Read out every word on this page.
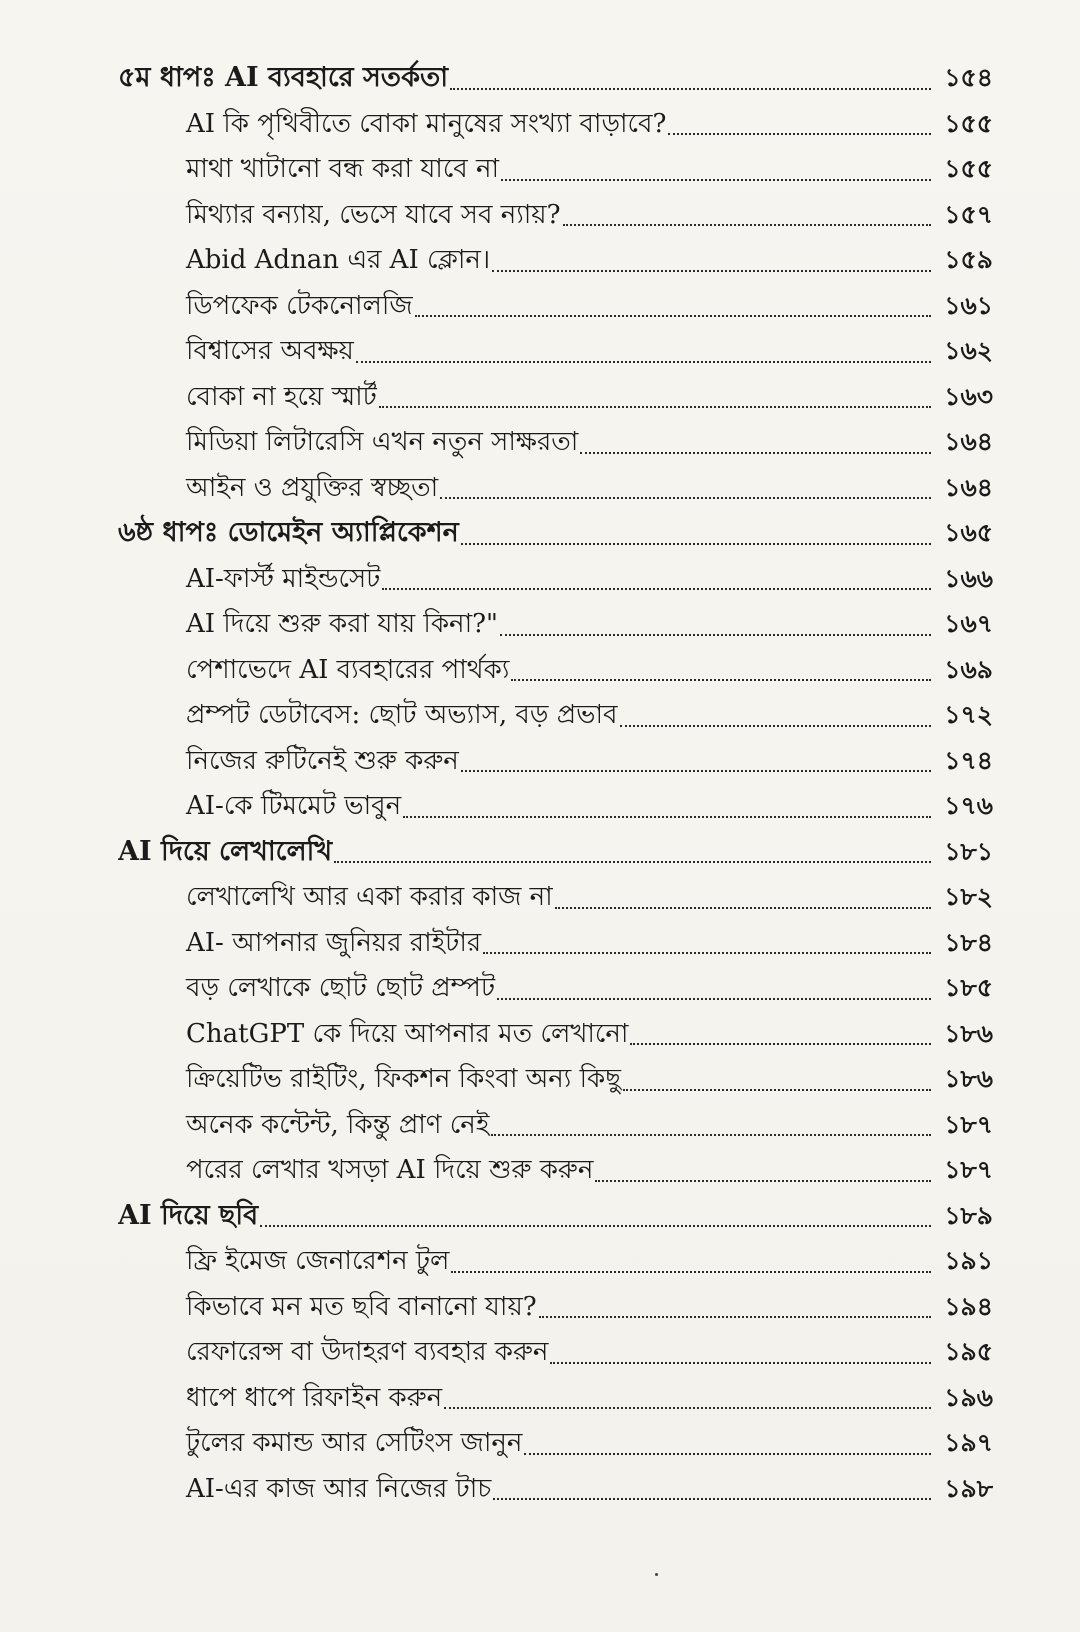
৫ম ধাপঃ AI ব্যবহারে সতর্কতা	১৫৪
AI কি পৃথিবীতে বোকা মানুষের সংখ্যা বাড়াবে?	১৫৫
মাথা খাটানো বন্ধ করা যাবে না	১৫৫
মিথ্যার বন্যায়, ভেসে যাবে সব ন্যায়?	১৫৭
Abid Adnan এর AI ক্লোন।	১৫৯
ডিপফেক টেকনোলজি	১৬১
বিশ্বাসের অবক্ষয়	১৬২
বোকা না হয়ে স্মার্ট	১৬৩
মিডিয়া লিটারেসি এখন নতুন সাক্ষরতা	১৬৪
আইন ও প্রযুক্তির স্বচ্ছতা	১৬৪
৬ষ্ঠ ধাপঃ ডোমেইন অ্যাপ্লিকেশন	১৬৫
AI-ফার্স্ট মাইন্ডসেট	১৬৬
AI দিয়ে শুরু করা যায় কিনা?"	১৬৭
পেশাভেদে AI ব্যবহারের পার্থক্য	১৬৯
প্রম্পট ডেটাবেস: ছোট অভ্যাস, বড় প্রভাব	১৭২
নিজের রুটিনেই শুরু করুন	১৭৪
AI-কে টিমমেট ভাবুন	১৭৬
AI দিয়ে লেখালেখি	১৮১
লেখালেখি আর একা করার কাজ না	১৮২
AI- আপনার জুনিয়র রাইটার	১৮৪
বড় লেখাকে ছোট ছোট প্রম্পট	১৮৫
ChatGPT কে দিয়ে আপনার মত লেখানো	১৮৬
ক্রিয়েটিভ রাইটিং, ফিকশন কিংবা অন্য কিছু	১৮৬
অনেক কন্টেন্ট, কিন্তু প্রাণ নেই	১৮৭
পরের লেখার খসড়া AI দিয়ে শুরু করুন	১৮৭
AI দিয়ে ছবি	১৮৯
ফ্রি ইমেজ জেনারেশন টুল	১৯১
কিভাবে মন মত ছবি বানানো যায়?	১৯৪
রেফারেন্স বা উদাহরণ ব্যবহার করুন	১৯৫
ধাপে ধাপে রিফাইন করুন	১৯৬
টুলের কমান্ড আর সেটিংস জানুন	১৯৭
AI-এর কাজ আর নিজের টাচ	১৯৮
